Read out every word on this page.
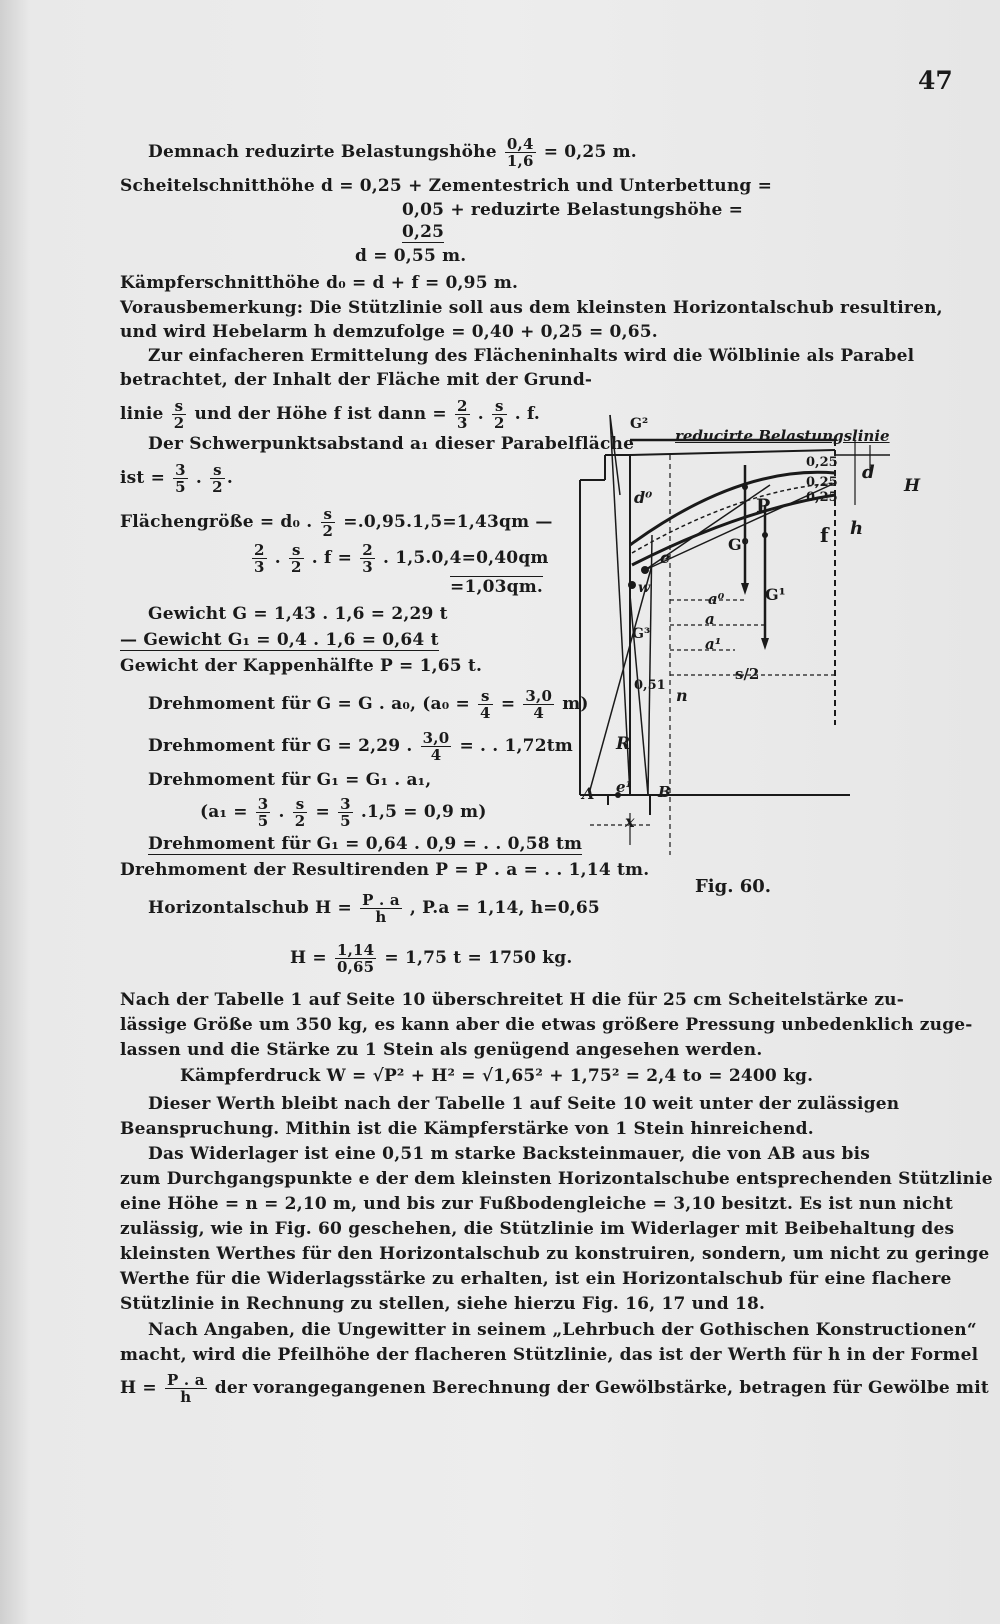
47
Demnach reduzirte Belastungshöhe $\frac{0,4}{1,6} = 0,25$ m.
Scheitelschnitthöhe d = 0,25 + Zementestrich und Unterbettung =
0,05 + reduzirte Belastungshöhe =
0,25
d = 0,55 m.
Kämpferschnitthöhe d₀ = d + f = 0,95 m.
Vorausbemerkung: Die Stützlinie soll aus dem kleinsten Horizontalschub resultiren,
und wird Hebelarm h demzufolge = 0,40 + 0,25 = 0,65.
Zur einfacheren Ermittelung des Flächeninhalts wird die Wölblinie als Parabel
betrachtet, der Inhalt der Fläche mit der Grund-
linie $\frac{s}{2}$ und der Höhe f ist dann = $\frac{2}{3}$ . $\frac{s}{2}$ . f.
Der Schwerpunktsabstand a₁ dieser Parabelfläche
ist = $\frac{3}{5}$ . $\frac{s}{2}$ .
Flächengröße = d₀ . $\frac{s}{2} =.0,95.1,5=1,43qm$ —
$\frac{2}{3}$ . $\frac{s}{2}$ . $f = \frac{2}{3}$ . 1,5.0,4=0,40qm
=1,03qm.
Gewicht G = 1,43 . 1,6 = 2,29 t
— Gewicht G₁ = 0,4 . 1,6 = 0,64 t
Gewicht der Kappenhälfte P = 1,65 t.
Drehmoment für G = G . a₀, $(a_0 = \frac{s}{4} = \frac{3,0}{4} m)$
Drehmoment für G = 2,29 . $\frac{3,0}{4}$ = . . 1,72tm
Drehmoment für G₁ = G₁ . a₁,
($a_1 = \frac{3}{5}$ . $\frac{s}{2} = \frac{3}{5} .1,5 = 0,9$ m)
Drehmoment für G₁ = 0,64 . 0,9 = . . 0,58 tm
Drehmoment der Resultirenden P = P . a = . . 1,14 tm.
Horizontalschub $H = \frac{P . a}{h}$ , P.a = 1,14, h=0,65
$H = \frac{1,14}{0,65} = 1,75$ t = 1750 kg.
Nach der Tabelle 1 auf Seite 10 überschreitet H die für 25 cm Scheitelstärke zu-
lässige Größe um 350 kg, es kann aber die etwas größere Pressung unbedenklich zuge-
lassen und die Stärke zu 1 Stein als genügend angesehen werden.
Kämpferdruck W = √P² + H² = √1,65² + 1,75² = 2,4 to = 2400 kg.
Dieser Werth bleibt nach der Tabelle 1 auf Seite 10 weit unter der zulässigen
Beanspruchung. Mithin ist die Kämpferstärke von 1 Stein hinreichend.
Das Widerlager ist eine 0,51 m starke Backsteinmauer, die von AB aus bis
zum Durchgangspunkte e der dem kleinsten Horizontalschube entsprechenden Stützlinie
eine Höhe = n = 2,10 m, und bis zur Fußbodengleiche = 3,10 besitzt. Es ist nun nicht
zulässig, wie in Fig. 60 geschehen, die Stützlinie im Widerlager mit Beibehaltung des
kleinsten Werthes für den Horizontalschub zu konstruiren, sondern, um nicht zu geringe
Werthe für die Widerlagsstärke zu erhalten, ist ein Horizontalschub für eine flachere
Stützlinie in Rechnung zu stellen, siehe hierzu Fig. 16, 17 und 18.
Nach Angaben, die Ungewitter in seinem „Lehrbuch der Gothischen Konstructionen“
macht, wird die Pfeilhöhe der flacheren Stützlinie, das ist der Werth für h in der Formel
$H = \frac{P . a}{h}$ der vorangegangenen Berechnung der Gewölbstärke, betragen für Gewölbe mit
reducirte Belastungslinie
0,25
0,25
0,25
d
H
P
f h
d⁰
G⁰
G¹
G²
G³
e
w
a⁰
a
a¹
s/2
0,51
n
R
A e¹ B
x
Fig. 60.
